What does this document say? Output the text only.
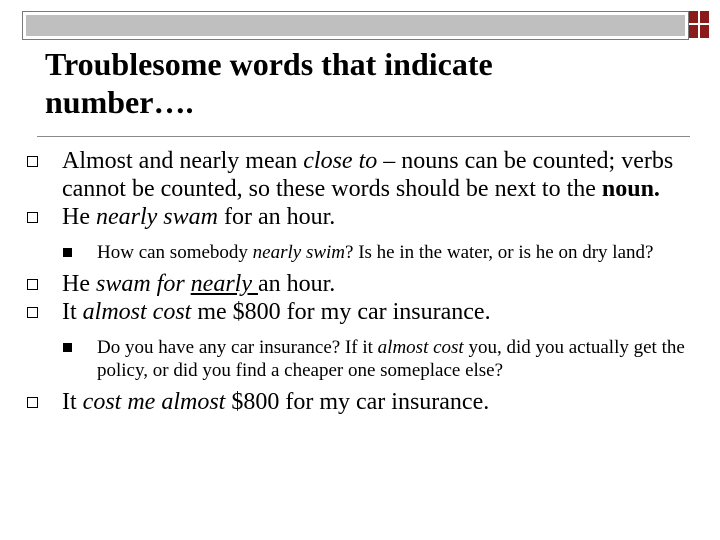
Troublesome words that indicate
number….
Almost and nearly mean close to – nouns can be counted; verbs cannot be counted, so these words should be next to the noun.
He nearly swam for an hour.
How can somebody nearly swim? Is he in the water, or is he on dry land?
He swam for nearly an hour.
It almost cost me $800 for my car insurance.
Do you have any car insurance? If it almost cost you, did you actually get the policy, or did you find a cheaper one someplace else?
It cost me almost $800 for my car insurance.
